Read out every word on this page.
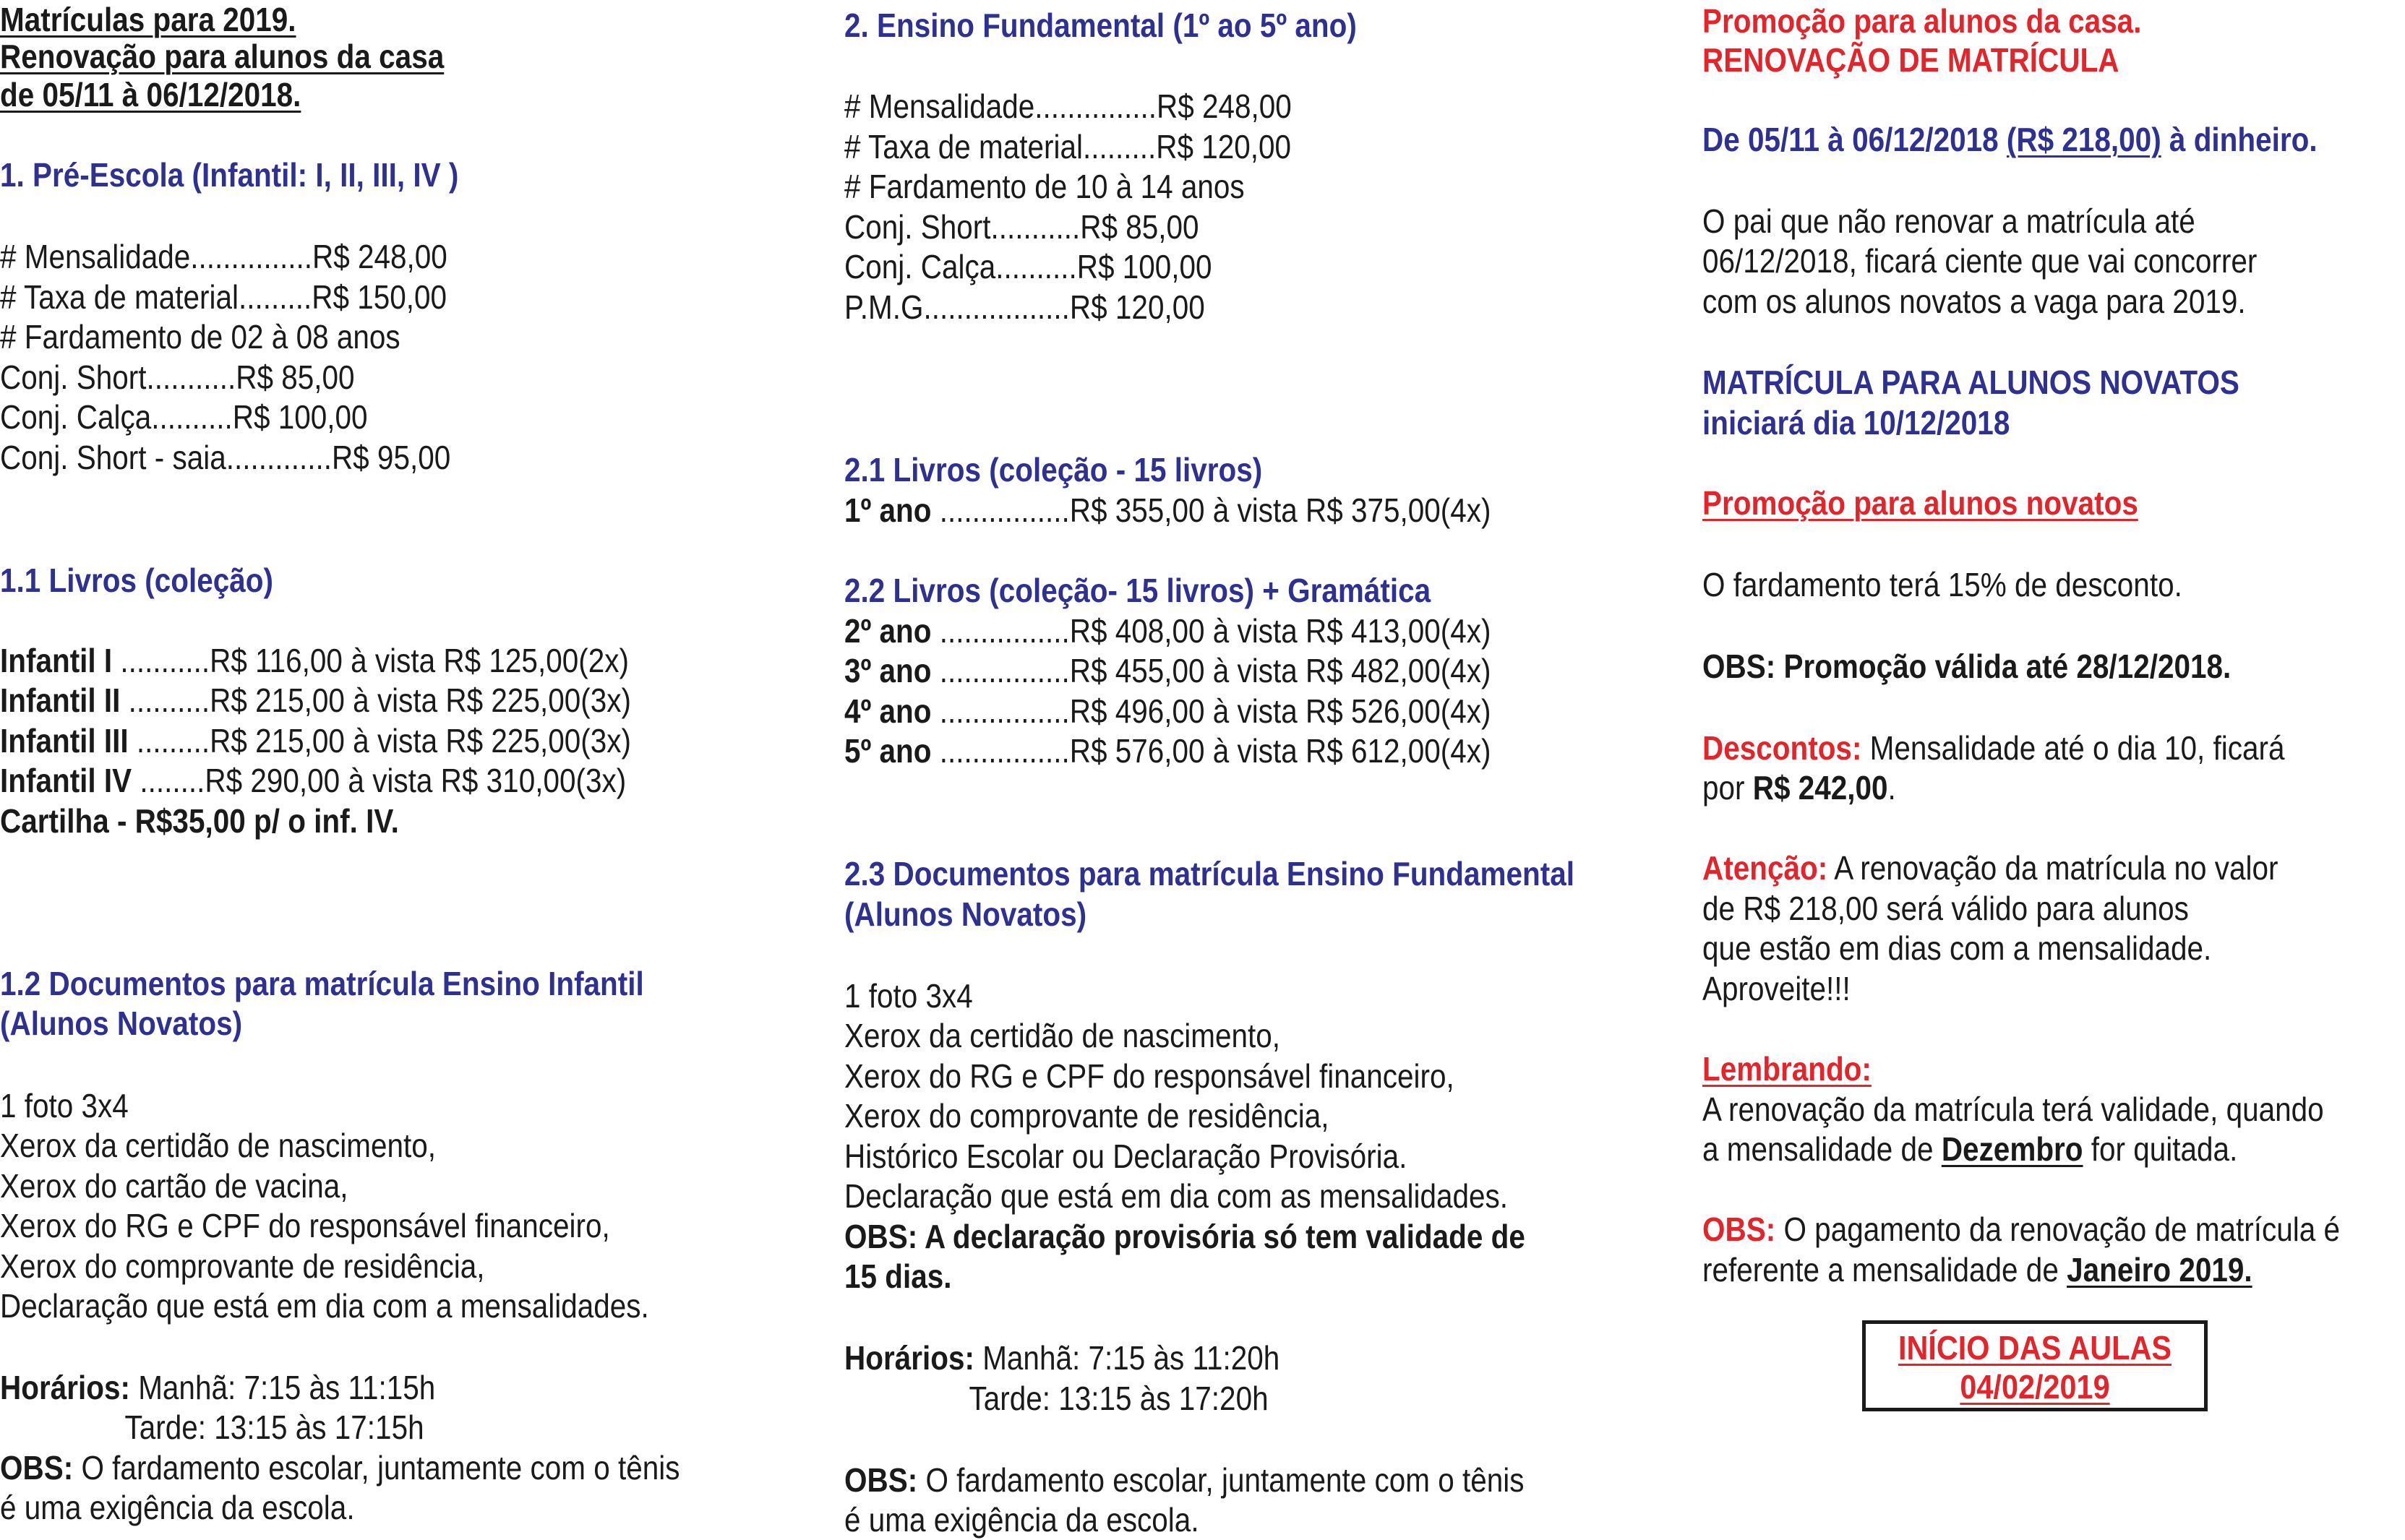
Matrículas para 2019.
Renovação para alunos da casa
de 05/11 à 06/12/2018.
1. Pré-Escola (Infantil: I, II, III, IV )
# Mensalidade...............R$ 248,00
# Taxa de material.........R$ 150,00
# Fardamento de 02 à 08 anos
Conj. Short...........R$ 85,00
Conj. Calça..........R$ 100,00
Conj. Short - saia.............R$ 95,00
1.1 Livros (coleção)
Infantil I ...........R$ 116,00 à vista R$ 125,00(2x)
Infantil II ..........R$ 215,00 à vista R$ 225,00(3x)
Infantil III .........R$ 215,00 à vista R$ 225,00(3x)
Infantil IV ........R$ 290,00 à vista R$ 310,00(3x)
Cartilha - R$35,00 p/ o inf. IV.
1.2 Documentos para matrícula Ensino Infantil
(Alunos Novatos)
1 foto 3x4
Xerox da certidão de nascimento,
Xerox do cartão de vacina,
Xerox do RG e CPF do responsável financeiro,
Xerox do comprovante de residência,
Declaração que está em dia com a mensalidades.
Horários: Manhã: 7:15 às 11:15h
Tarde: 13:15 às 17:15h
OBS: O fardamento escolar, juntamente com o tênis
é uma exigência da escola.
2. Ensino Fundamental (1º ao 5º ano)
# Mensalidade...............R$ 248,00
# Taxa de material.........R$ 120,00
# Fardamento de 10 à 14 anos
Conj. Short...........R$ 85,00
Conj. Calça..........R$ 100,00
P.M.G..................R$ 120,00
2.1 Livros (coleção - 15 livros)
1º ano ................R$ 355,00 à vista R$ 375,00(4x)
2.2 Livros (coleção- 15 livros) + Gramática
2º ano ................R$ 408,00 à vista R$ 413,00(4x)
3º ano ................R$ 455,00 à vista R$ 482,00(4x)
4º ano ................R$ 496,00 à vista R$ 526,00(4x)
5º ano ................R$ 576,00 à vista R$ 612,00(4x)
2.3 Documentos para matrícula Ensino Fundamental
(Alunos Novatos)
1 foto 3x4
Xerox da certidão de nascimento,
Xerox do RG e CPF do responsável financeiro,
Xerox do comprovante de residência,
Histórico Escolar ou Declaração Provisória.
Declaração que está em dia com as mensalidades.
OBS: A declaração provisória só tem validade de
15 dias.
Horários: Manhã: 7:15 às 11:20h
Tarde: 13:15 às 17:20h
OBS: O fardamento escolar, juntamente com o tênis
é uma exigência da escola.
Promoção para alunos da casa.
RENOVAÇÃO DE MATRÍCULA
De 05/11 à 06/12/2018 (R$ 218,00) à dinheiro.
O pai que não renovar a matrícula até
06/12/2018, ficará ciente que vai concorrer
com os alunos novatos a vaga para 2019.
MATRÍCULA PARA ALUNOS NOVATOS
iniciará dia 10/12/2018
Promoção para alunos novatos
O fardamento terá 15% de desconto.
OBS: Promoção válida até 28/12/2018.
Descontos: Mensalidade até o dia 10, ficará
por R$ 242,00.
Atenção: A renovação da matrícula no valor
de R$ 218,00 será válido para alunos
que estão em dias com a mensalidade.
Aproveite!!!
Lembrando:
A renovação da matrícula terá validade, quando
a mensalidade de Dezembro for quitada.
OBS: O pagamento da renovação de matrícula é
referente a mensalidade de Janeiro 2019.
INÍCIO DAS AULAS
04/02/2019
